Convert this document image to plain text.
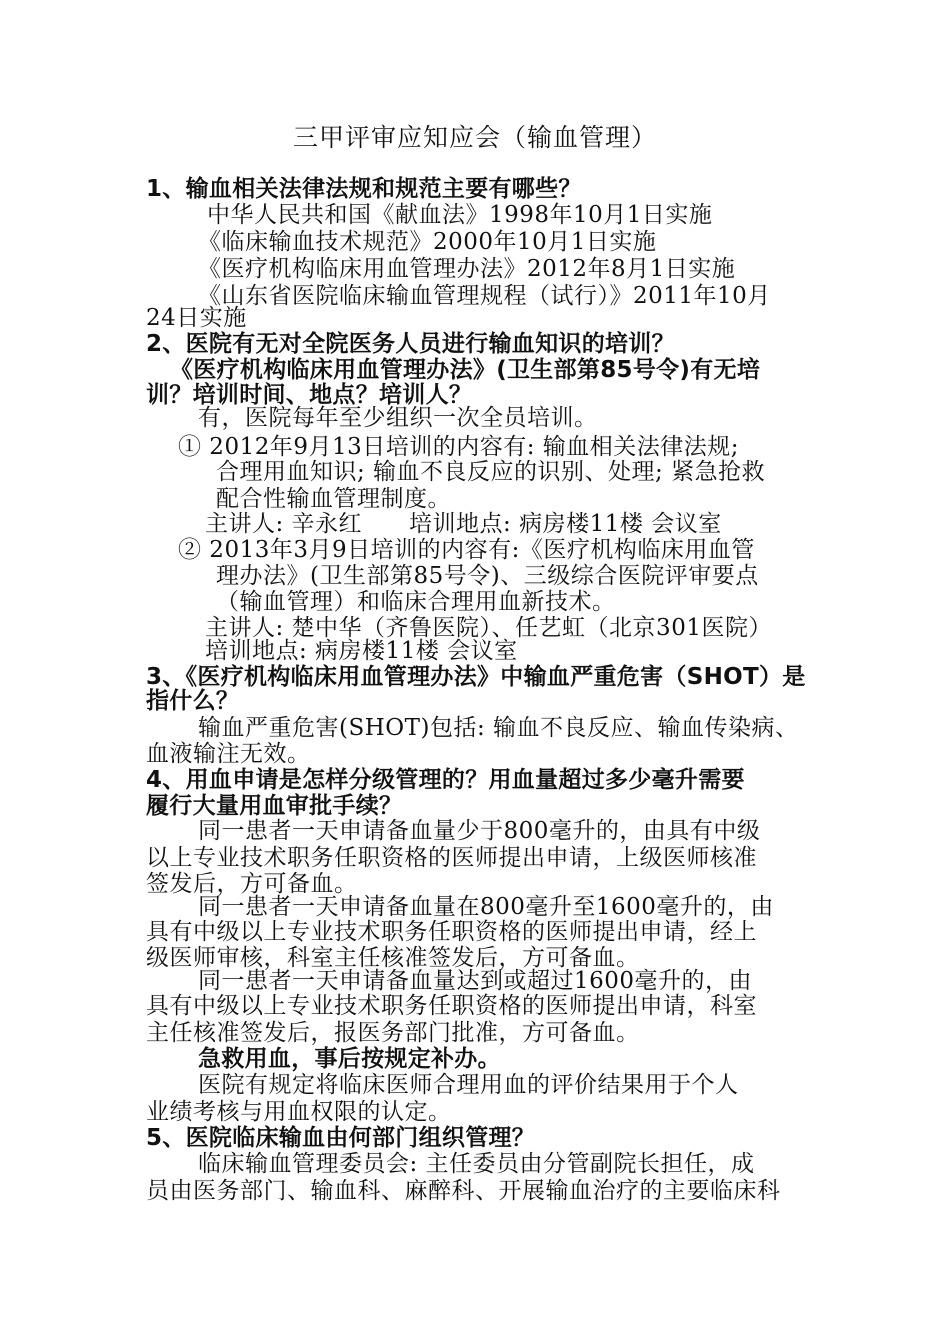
三甲评审应知应会（输血管理）
1、输血相关法律法规和规范主要有哪些？
中华人民共和国《献血法》1998年10月1日实施
《临床输血技术规范》2000年10月1日实施
《医疗机构临床用血管理办法》2012年8月1日实施
《山东省医院临床输血管理规程（试行）》2011年10月
24日实施
2、医院有无对全院医务人员进行输血知识的培训？
《医疗机构临床用血管理办法》(卫生部第85号令)有无培
训？培训时间、地点？培训人？
有，医院每年至少组织一次全员培训。
① 2012年9月13日培训的内容有: 输血相关法律法规;
合理用血知识; 输血不良反应的识别、处理; 紧急抢救
配合性输血管理制度。
主讲人: 辛永红　　培训地点: 病房楼11楼 会议室
② 2013年3月9日培训的内容有:《医疗机构临床用血管
理办法》(卫生部第85号令)、三级综合医院评审要点
（输血管理）和临床合理用血新技术。
主讲人: 楚中华（齐鲁医院）、任艺虹（北京301医院）
培训地点: 病房楼11楼 会议室
3、《医疗机构临床用血管理办法》中输血严重危害（SHOT）是
指什么？
输血严重危害(SHOT)包括: 输血不良反应、输血传染病、
血液输注无效。
4、用血申请是怎样分级管理的？用血量超过多少毫升需要
履行大量用血审批手续？
同一患者一天申请备血量少于800毫升的，由具有中级
以上专业技术职务任职资格的医师提出申请，上级医师核准
签发后，方可备血。
同一患者一天申请备血量在800毫升至1600毫升的，由
具有中级以上专业技术职务任职资格的医师提出申请，经上
级医师审核，科室主任核准签发后，方可备血。
同一患者一天申请备血量达到或超过1600毫升的，由
具有中级以上专业技术职务任职资格的医师提出申请，科室
主任核准签发后，报医务部门批准，方可备血。
急救用血，事后按规定补办。
医院有规定将临床医师合理用血的评价结果用于个人
业绩考核与用血权限的认定。
5、医院临床输血由何部门组织管理？
临床输血管理委员会: 主任委员由分管副院长担任，成
员由医务部门、输血科、麻醉科、开展输血治疗的主要临床科
